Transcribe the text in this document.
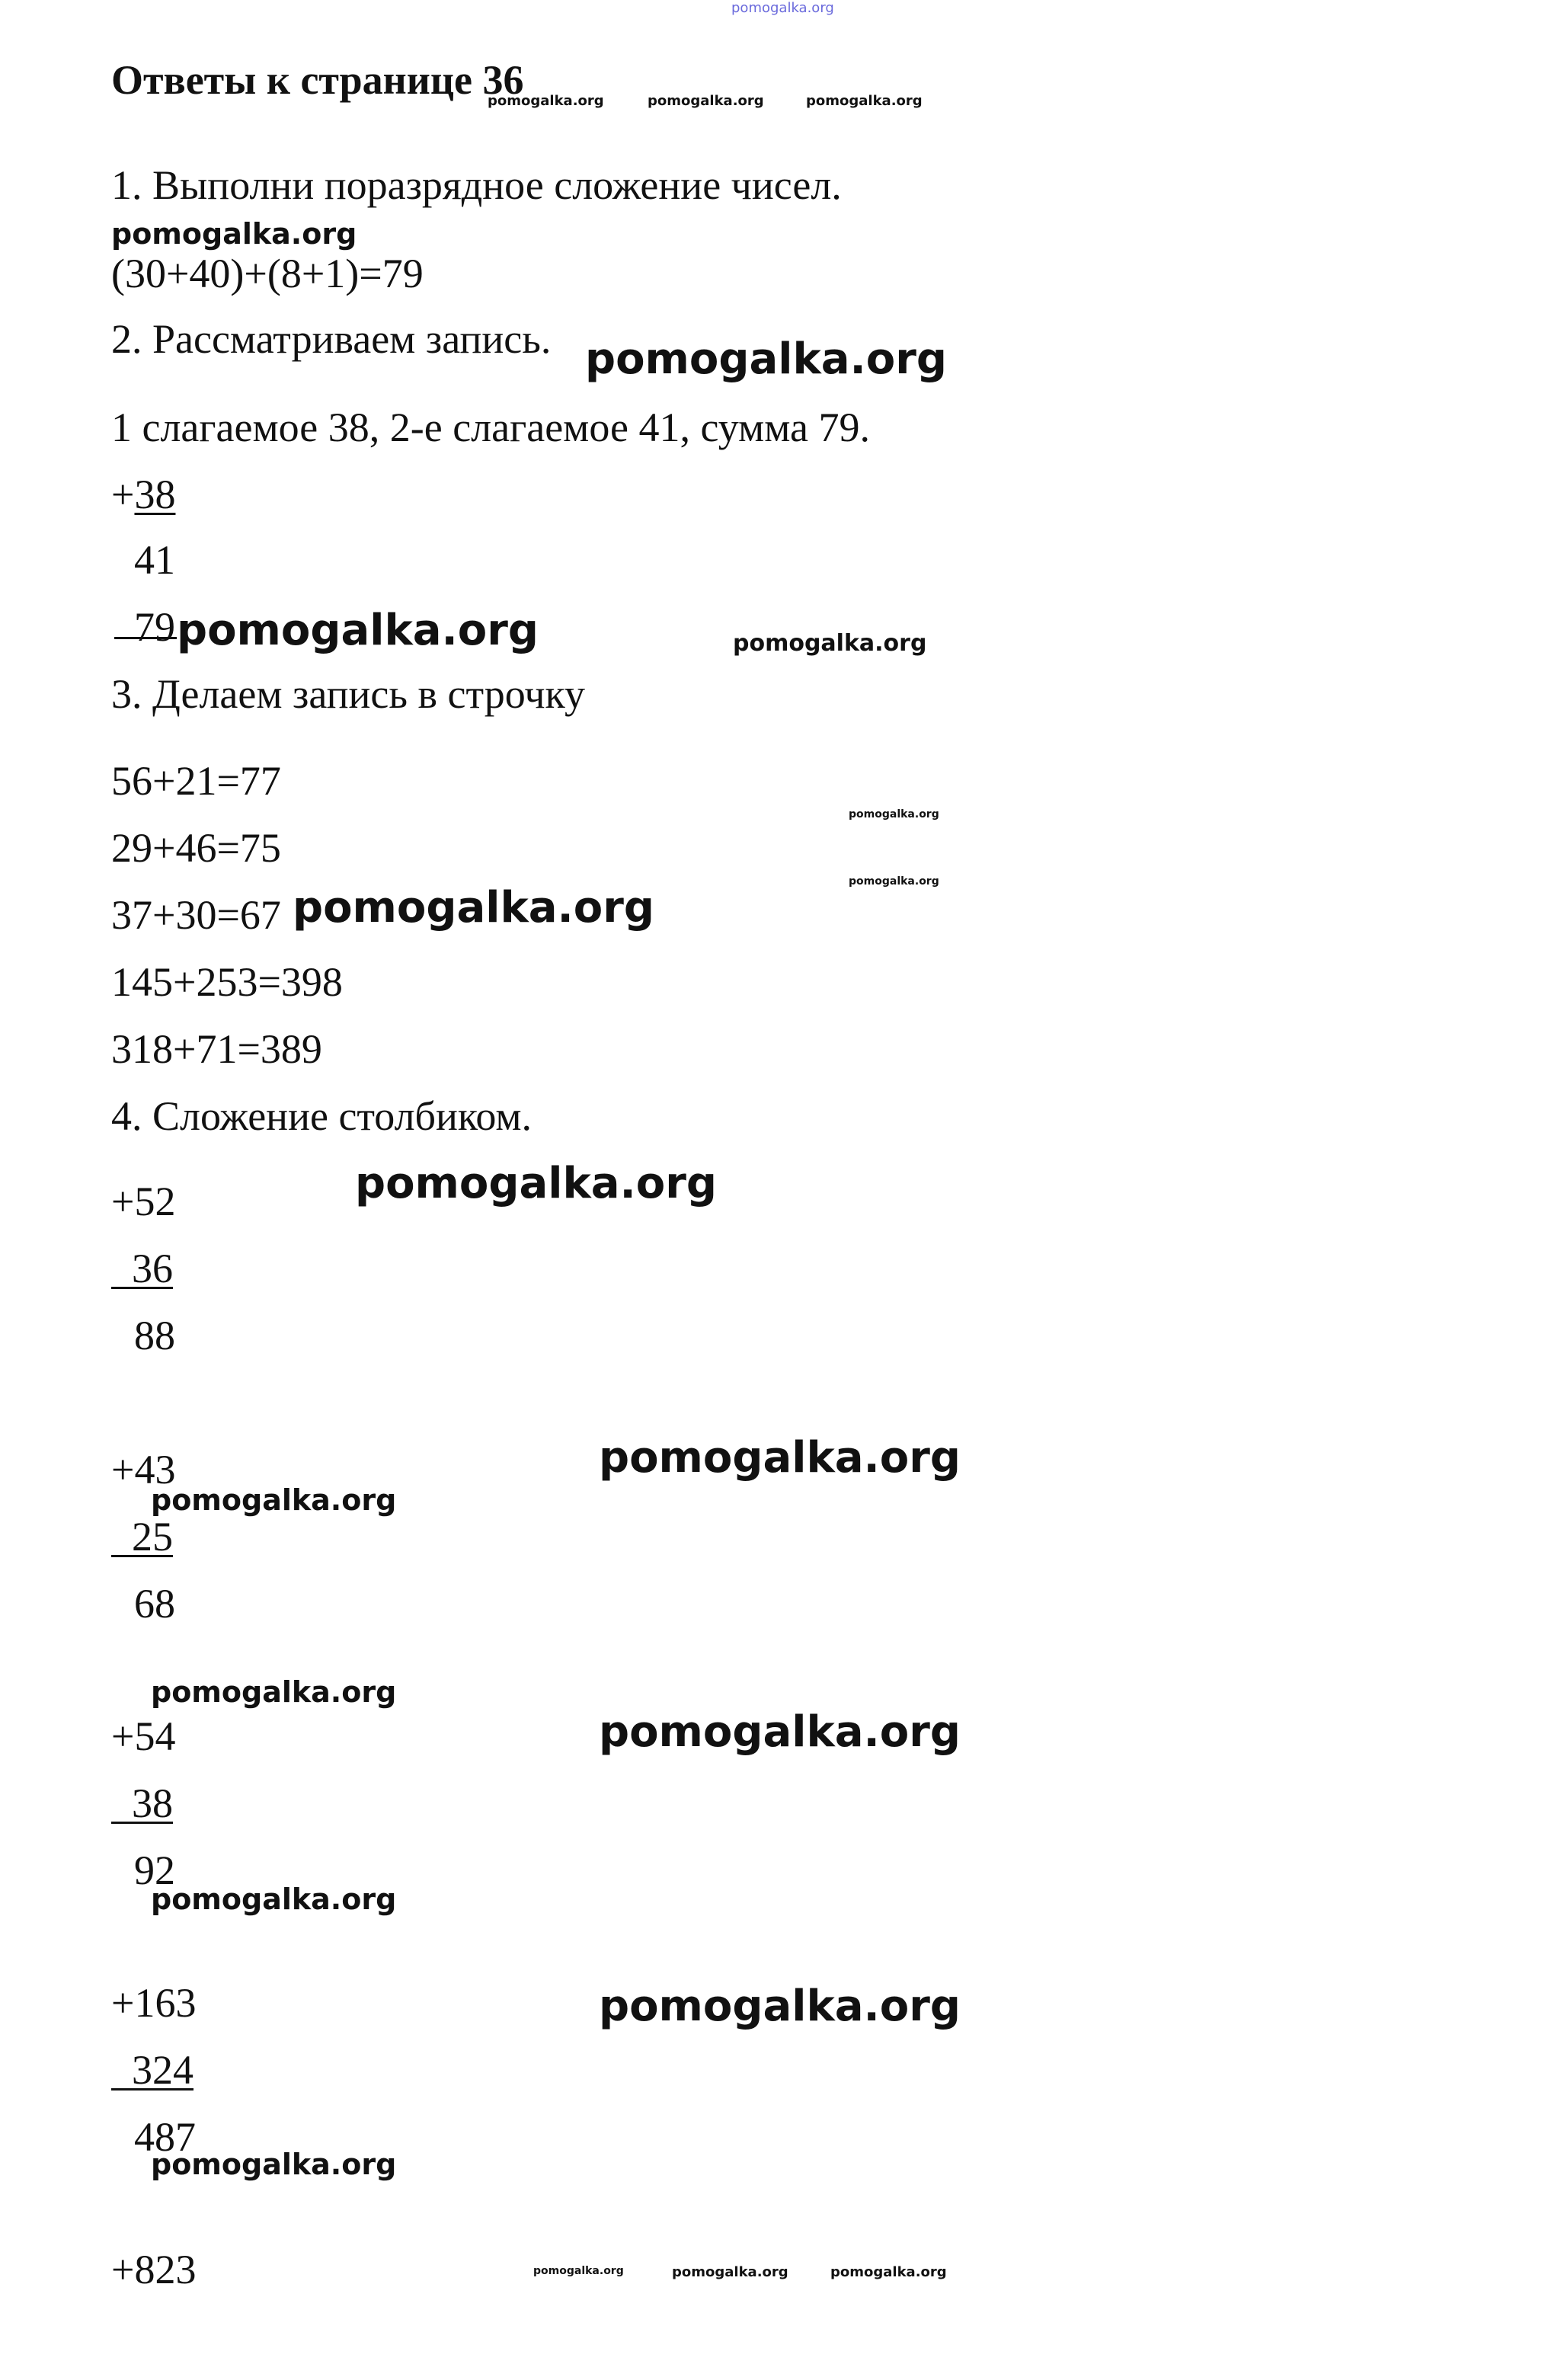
pomogalka.org
Ответы к странице 36
pomogalka.org	pomogalka.org	pomogalka.org
1. Выполни поразрядное сложение чисел.
pomogalka.org
(30+40)+(8+1)=79
2. Рассматриваем запись. pomogalka.org
1 слагаемое 38, 2-е слагаемое 41, сумма 79.
+38
41
79 pomogalka.org	pomogalka.org
3. Делаем запись в строчку
56+21=77
pomogalka.org
29+46=75
pomogalka.org
37+30=67 pomogalka.org
145+253=398
318+71=389
4. Сложение столбиком.
+52	pomogalka.org
36
88
+43	pomogalka.org
pomogalka.org
25
68
pomogalka.org
+54	pomogalka.org
38
92
pomogalka.org
+163	pomogalka.org
324
487
pomogalka.org
+823	pomogalka.org	pomogalka.org	pomogalka.org
